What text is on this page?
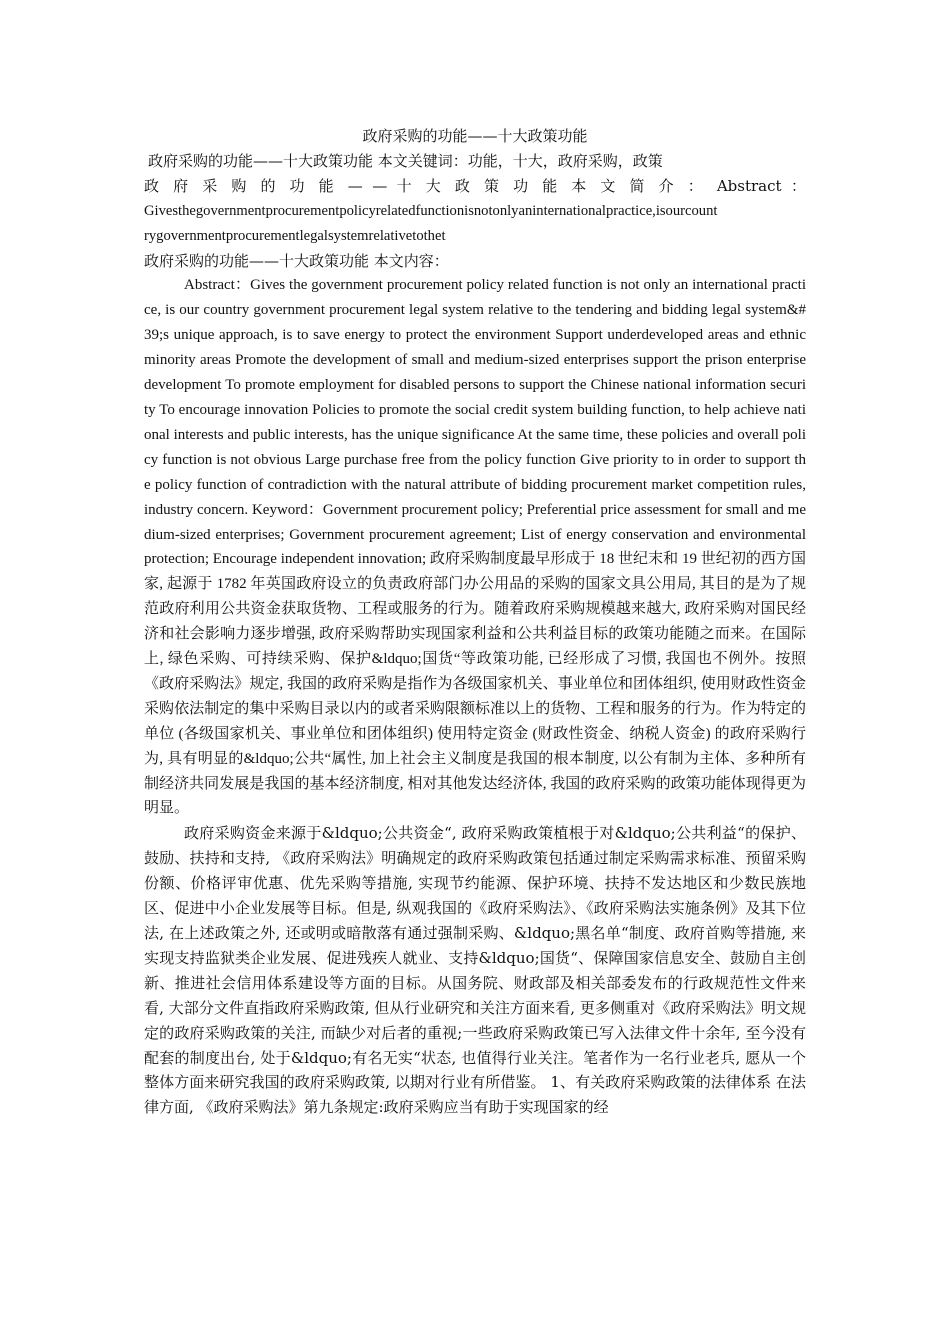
政府采购的功能——十大政策功能

政府采购的功能——十大政策功能 本文关键词：功能，十大，政府采购，政策

政 府 采 购 的 功 能 — — 十 大 政 策 功 能 本 文 简 介 ： Abstract ：

Givesthegovernmentprocurementpolicyrelatedfunctionisnotonlyaninternationalpractice,isourcount

rygovernmentprocurementlegalsystemrelativetothet

政府采购的功能——十大政策功能 本文内容：

Abstract：Gives the government procurement policy related function is not only an international practice, is our country government procurement legal system relative to the tendering and bidding legal system&#39;s unique approach, is to save energy to protect the environment Support underdeveloped areas and ethnic minority areas Promote the development of small and medium-sized enterprises support the prison enterprise development To promote employment for disabled persons to support the Chinese national information security To encourage innovation Policies to promote the social credit system building function, to help achieve national interests and public interests, has the unique significance At the same time, these policies and overall policy function is not obvious Large purchase free from the policy function Give priority to in order to support the policy function of contradiction with the natural attribute of bidding procurement market competition rules, industry concern. Keyword：Government procurement policy; Preferential price assessment for small and medium-sized enterprises; Government procurement agreement; List of energy conservation and environmental protection; Encourage independent innovation; 政府采购制度最早形成于 18 世纪末和 19 世纪初的西方国家, 起源于 1782 年英国政府设立的负责政府部门办公用品的采购的国家文具公用局, 其目的是为了规范政府利用公共资金获取货物、工程或服务的行为。随着政府采购规模越来越大, 政府采购对国民经济和社会影响力逐步增强, 政府采购帮助实现国家利益和公共利益目标的政策功能随之而来。在国际上, 绿色采购、可持续采购、保护&ldquo;国货“等政策功能, 已经形成了习惯, 我国也不例外。按照《政府采购法》规定, 我国的政府采购是指作为各级国家机关、事业单位和团体组织, 使用财政性资金采购依法制定的集中采购目录以内的或者采购限额标准以上的货物、工程和服务的行为。作为特定的单位 (各级国家机关、事业单位和团体组织) 使用特定资金 (财政性资金、纳税人资金) 的政府采购行为, 具有明显的&ldquo;公共“属性, 加上社会主义制度是我国的根本制度, 以公有制为主体、多种所有制经济共同发展是我国的基本经济制度, 相对其他发达经济体, 我国的政府采购的政策功能体现得更为明显。

政府采购资金来源于&ldquo;公共资金“, 政府采购政策植根于对&ldquo;公共利益“的保护、鼓励、扶持和支持, 《政府采购法》明确规定的政府采购政策包括通过制定采购需求标准、预留采购份额、价格评审优惠、优先采购等措施, 实现节约能源、保护环境、扶持不发达地区和少数民族地区、促进中小企业发展等目标。但是, 纵观我国的《政府采购法》、《政府采购法实施条例》及其下位法, 在上述政策之外, 还或明或暗散落有通过强制采购、&ldquo;黑名单“制度、政府首购等措施, 来实现支持监狱类企业发展、促进残疾人就业、支持&ldquo;国货“、保障国家信息安全、鼓励自主创新、推进社会信用体系建设等方面的目标。从国务院、财政部及相关部委发布的行政规范性文件来看, 大部分文件直指政府采购政策, 但从行业研究和关注方面来看, 更多侧重对《政府采购法》明文规定的政府采购政策的关注, 而缺少对后者的重视;一些政府采购政策已写入法律文件十余年, 至今没有配套的制度出台, 处于&ldquo;有名无实“状态, 也值得行业关注。笔者作为一名行业老兵, 愿从一个整体方面来研究我国的政府采购政策, 以期对行业有所借鉴。 1、有关政府采购政策的法律体系 在法律方面, 《政府采购法》第九条规定:政府采购应当有助于实现国家的经
